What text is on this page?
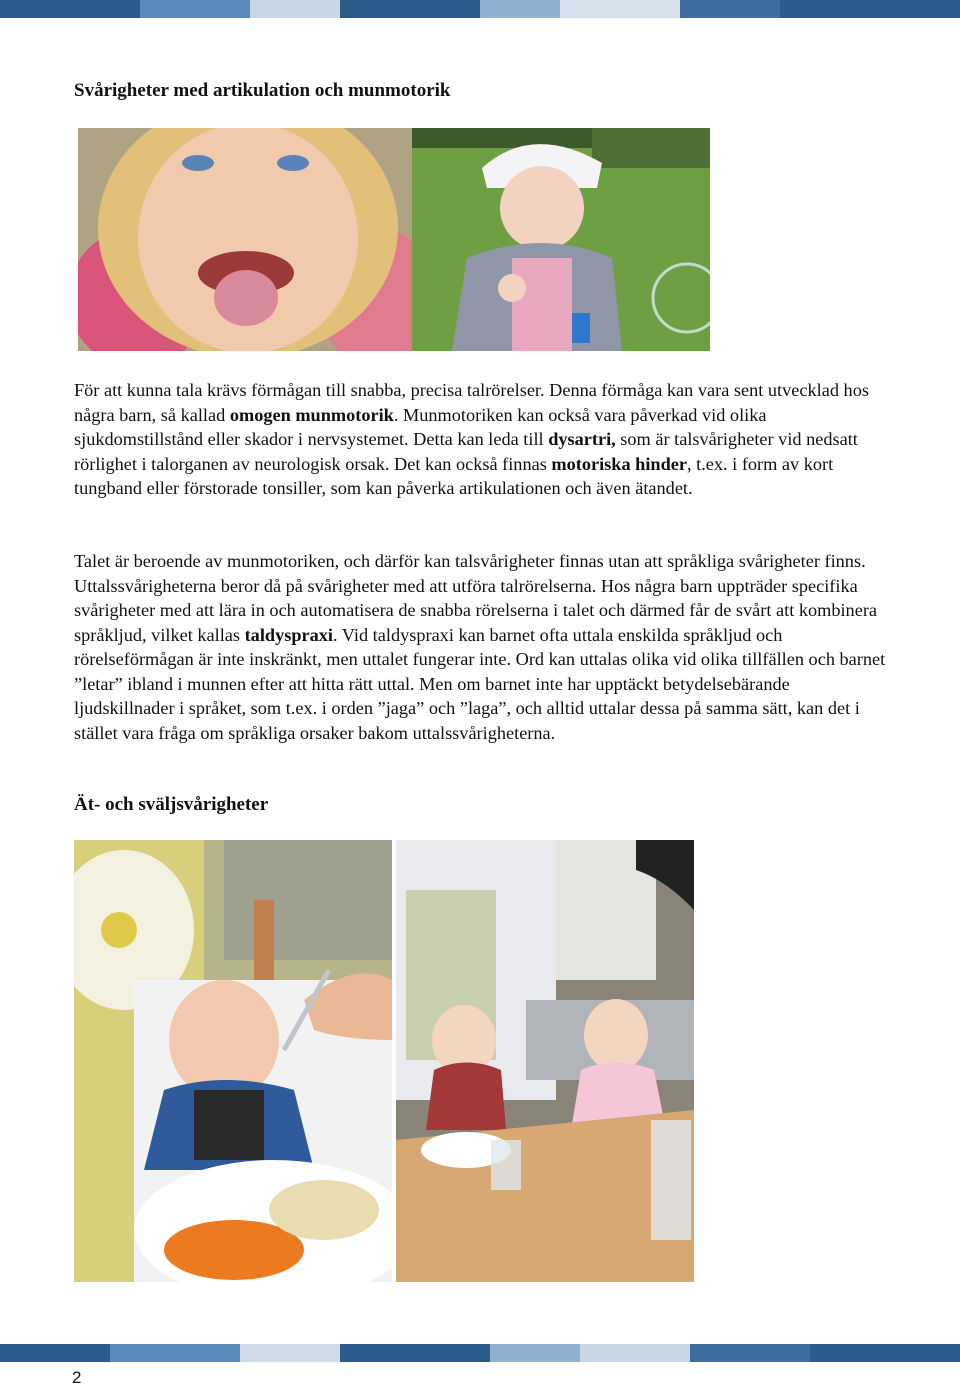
Svårigheter med artikulation och munmotorik

För att kunna tala krävs förmågan till snabba, precisa talrörelser. Denna förmåga kan vara sent utvecklad hos några barn, så kallad omogen munmotorik. Munmotoriken kan också vara påverkad vid olika sjukdomstillstånd eller skador i nervsystemet. Detta kan leda till dysartri, som är talsvårigheter vid nedsatt rörlighet i talorganen av neurologisk orsak. Det kan också finnas motoriska hinder, t.ex. i form av kort tungband eller förstorade tonsiller, som kan påverka artikulationen och även ätandet.

Talet är beroende av munmotoriken, och därför kan talsvårigheter finnas utan att språkliga svårigheter finns. Uttalssvårigheterna beror då på svårigheter med att utföra talrörelserna. Hos några barn uppträder specifika svårigheter med att lära in och automatisera de snabba rörelserna i talet och därmed får de svårt att kombinera språkljud, vilket kallas taldyspraxi. Vid taldyspraxi kan barnet ofta uttala enskilda språkljud och rörelseförmågan är inte inskränkt, men uttalet fungerar inte. Ord kan uttalas olika vid olika tillfällen och barnet ”letar” ibland i munnen efter att hitta rätt uttal. Men om barnet inte har upptäckt betydelsebärande ljudskillnader i språket, som t.ex. i orden ”jaga” och ”laga”, och alltid uttalar dessa på samma sätt, kan det i stället vara fråga om språkliga orsaker bakom uttalssvårigheterna.

Ät- och sväljsvårigheter
2
